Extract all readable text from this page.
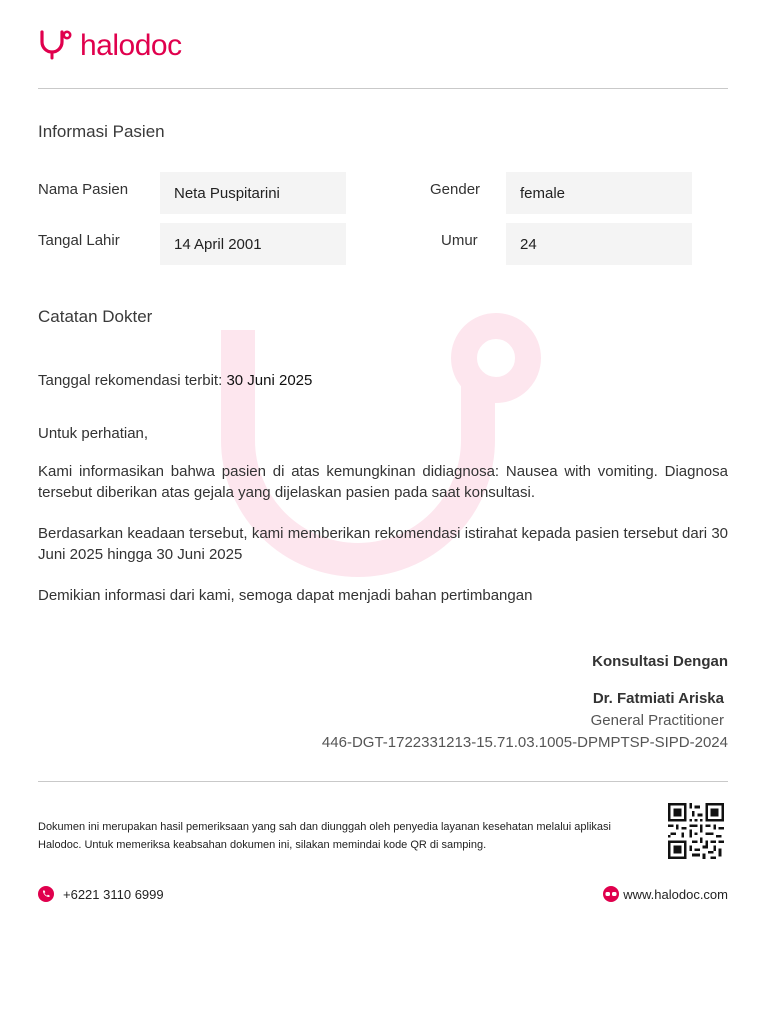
halodoc
Informasi Pasien
Nama Pasien	Neta Puspitarini	Gender	female
Tangal Lahir	14 April 2001	Umur	24
Catatan Dokter
Tanggal rekomendasi terbit: 30 Juni 2025
Untuk perhatian,
Kami informasikan bahwa pasien di atas kemungkinan didiagnosa: Nausea with vomiting. Diagnosa tersebut diberikan atas gejala yang dijelaskan pasien pada saat konsultasi.
Berdasarkan keadaan tersebut, kami memberikan rekomendasi istirahat kepada pasien tersebut dari 30 Juni 2025 hingga 30 Juni 2025
Demikian informasi dari kami, semoga dapat menjadi bahan pertimbangan
Konsultasi Dengan
Dr. Fatmiati Ariska
General Practitioner
446-DGT-1722331213-15.71.03.1005-DPMPTSP-SIPD-2024
Dokumen ini merupakan hasil pemeriksaan yang sah dan diunggah oleh penyedia layanan kesehatan melalui aplikasi Halodoc. Untuk memeriksa keabsahan dokumen ini, silakan memindai kode QR di samping.
+6221 3110 6999	www.halodoc.com
